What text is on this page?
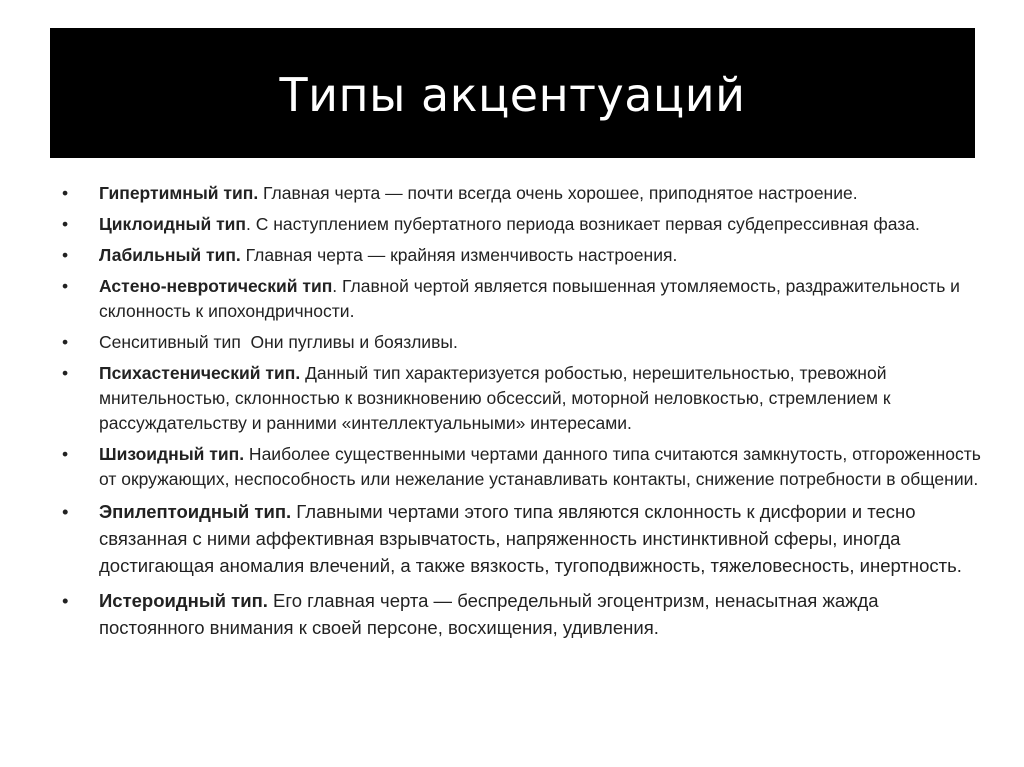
Типы акцентуаций
• Гипертимный тип. Главная черта — почти всегда очень хорошее, приподнятое настроение.
• Циклоидный тип. С наступлением пубертатного периода возникает первая субдепрессивная фаза.
• Лабильный тип. Главная черта — крайняя изменчивость настроения.
• Астено-невротический тип. Главной чертой является повышенная утомляемость, раздражительность и склонность к ипохондричности.
• Сенситивный тип  Они пугливы и боязливы.
• Психастенический тип. Данный тип характеризуется робостью, нерешительностью, тревожной мнительностью, склонностью к возникновению обсессий, моторной неловкостью, стремлением к рассуждательству и ранними «интеллектуальными» интересами.
• Шизоидный тип. Наиболее существенными чертами данного типа считаются замкнутость, отгороженность от окружающих, неспособность или нежелание устанавливать контакты, снижение потребности в общении.
• Эпилептоидный тип. Главными чертами этого типа являются склонность к дисфории и тесно связанная с ними аффективная взрывчатость, напряженность инстинктивной сферы, иногда достигающая аномалия влечений, а также вязкость, тугоподвижность, тяжеловесность, инертность.
• Истероидный тип. Его главная черта — беспредельный эгоцентризм, ненасытная жажда постоянного внимания к своей персоне, восхищения, удивления.
